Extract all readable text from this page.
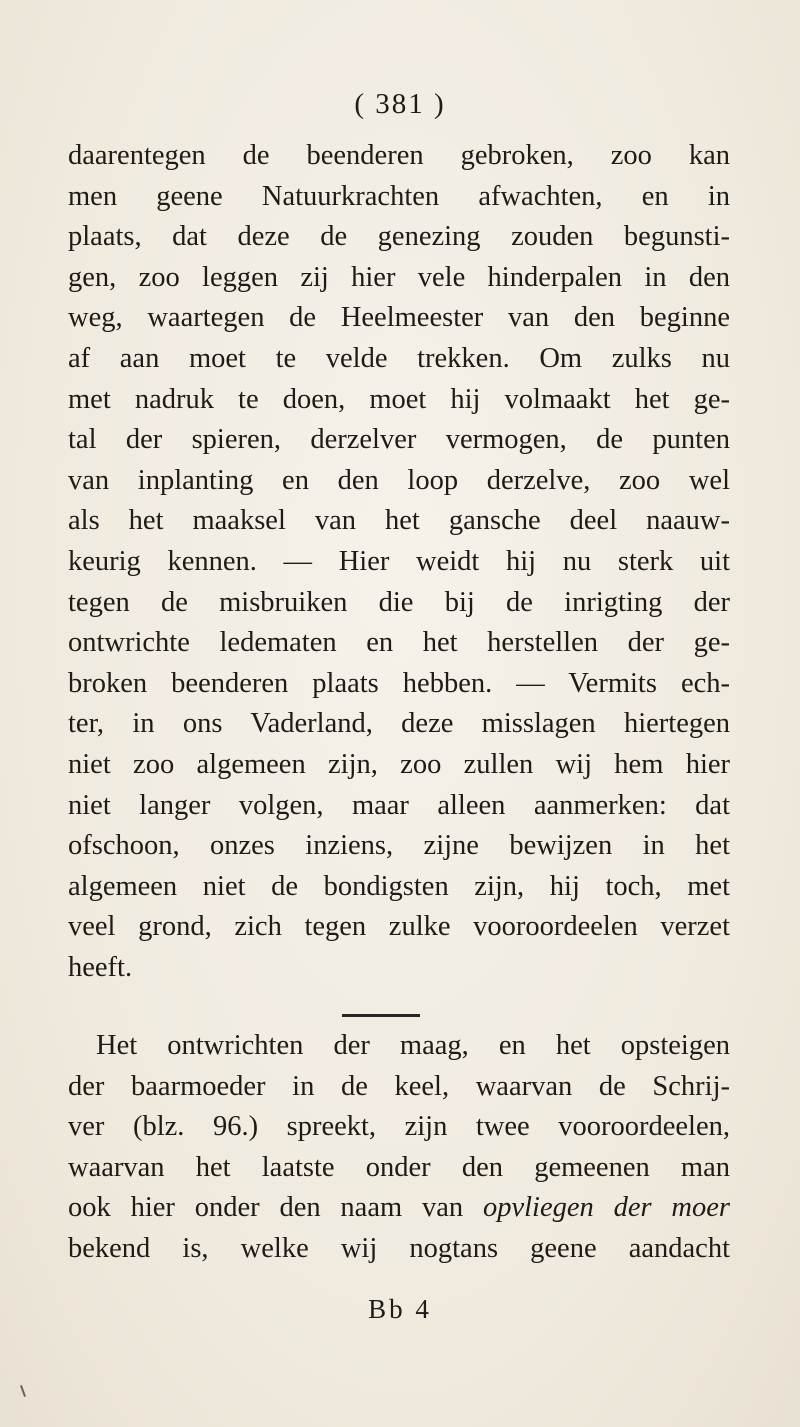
( 381 )
daarentegen de beenderen gebroken, zoo kan
men geene Natuurkrachten afwachten, en in
plaats, dat deze de genezing zouden begunsti-
gen, zoo leggen zij hier vele hinderpalen in den
weg, waartegen de Heelmeester van den beginne
af aan moet te velde trekken. Om zulks nu
met nadruk te doen, moet hij volmaakt het ge-
tal der spieren, derzelver vermogen, de punten
van inplanting en den loop derzelve, zoo wel
als het maaksel van het gansche deel naauw-
keurig kennen. — Hier weidt hij nu sterk uit
tegen de misbruiken die bij de inrigting der
ontwrichte ledematen en het herstellen der ge-
broken beenderen plaats hebben. — Vermits ech-
ter, in ons Vaderland, deze misslagen hiertegen
niet zoo algemeen zijn, zoo zullen wij hem hier
niet langer volgen, maar alleen aanmerken: dat
ofschoon, onzes inziens, zijne bewijzen in het
algemeen niet de bondigsten zijn, hij toch, met
veel grond, zich tegen zulke vooroordeelen verzet
heeft.
Het ontwrichten der maag, en het opsteigen
der baarmoeder in de keel, waarvan de Schrij-
ver (blz. 96.) spreekt, zijn twee vooroordeelen,
waarvan het laatste onder den gemeenen man
ook hier onder den naam van opvliegen der moer
bekend is, welke wij nogtans geene aandacht
Bb 4
